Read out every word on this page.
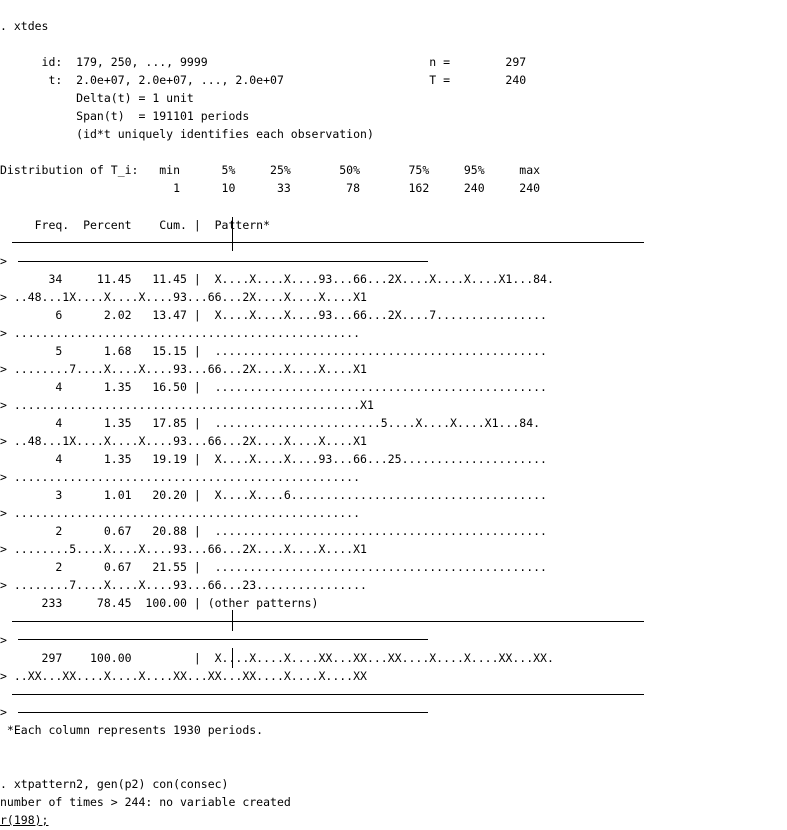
. xtdes
id:  179, 250, ..., 9999                                n =        297
t:  2.0e+07, 2.0e+07, ..., 2.0e+07                     T =        240
Delta(t) = 1 unit
Span(t)  = 191101 periods
(id*t uniquely identifies each observation)
Distribution of T_i:   min      5%     25%       50%       75%     95%     max
1      10      33        78       162     240     240
Freq.  Percent    Cum. |  Pattern*
>
34     11.45   11.45 |  X....X....X....93...66...2X....X....X....X1...84.
> ..48...1X....X....X....93...66...2X....X....X....X1
6      2.02   13.47 |  X....X....X....93...66...2X....7................
> ..................................................
5      1.68   15.15 |  ................................................
> ........7....X....X....93...66...2X....X....X....X1
4      1.35   16.50 |  ................................................
> ..................................................X1
4      1.35   17.85 |  ........................5....X....X....X1...84.
> ..48...1X....X....X....93...66...2X....X....X....X1
4      1.35   19.19 |  X....X....X....93...66...25.....................
> ..................................................
3      1.01   20.20 |  X....X....6.....................................
> ..................................................
2      0.67   20.88 |  ................................................
> ........5....X....X....93...66...2X....X....X....X1
2      0.67   21.55 |  ................................................
> ........7....X....X....93...66...23................
233     78.45  100.00 | (other patterns)
>
297    100.00         |  X....X....X....XX...XX...XX....X....X....XX...XX.
> ..XX...XX....X....X....XX...XX...XX....X....X....XX
>
*Each column represents 1930 periods.
. xtpattern2, gen(p2) con(consec)
number of times > 244: no variable created
r(198);
